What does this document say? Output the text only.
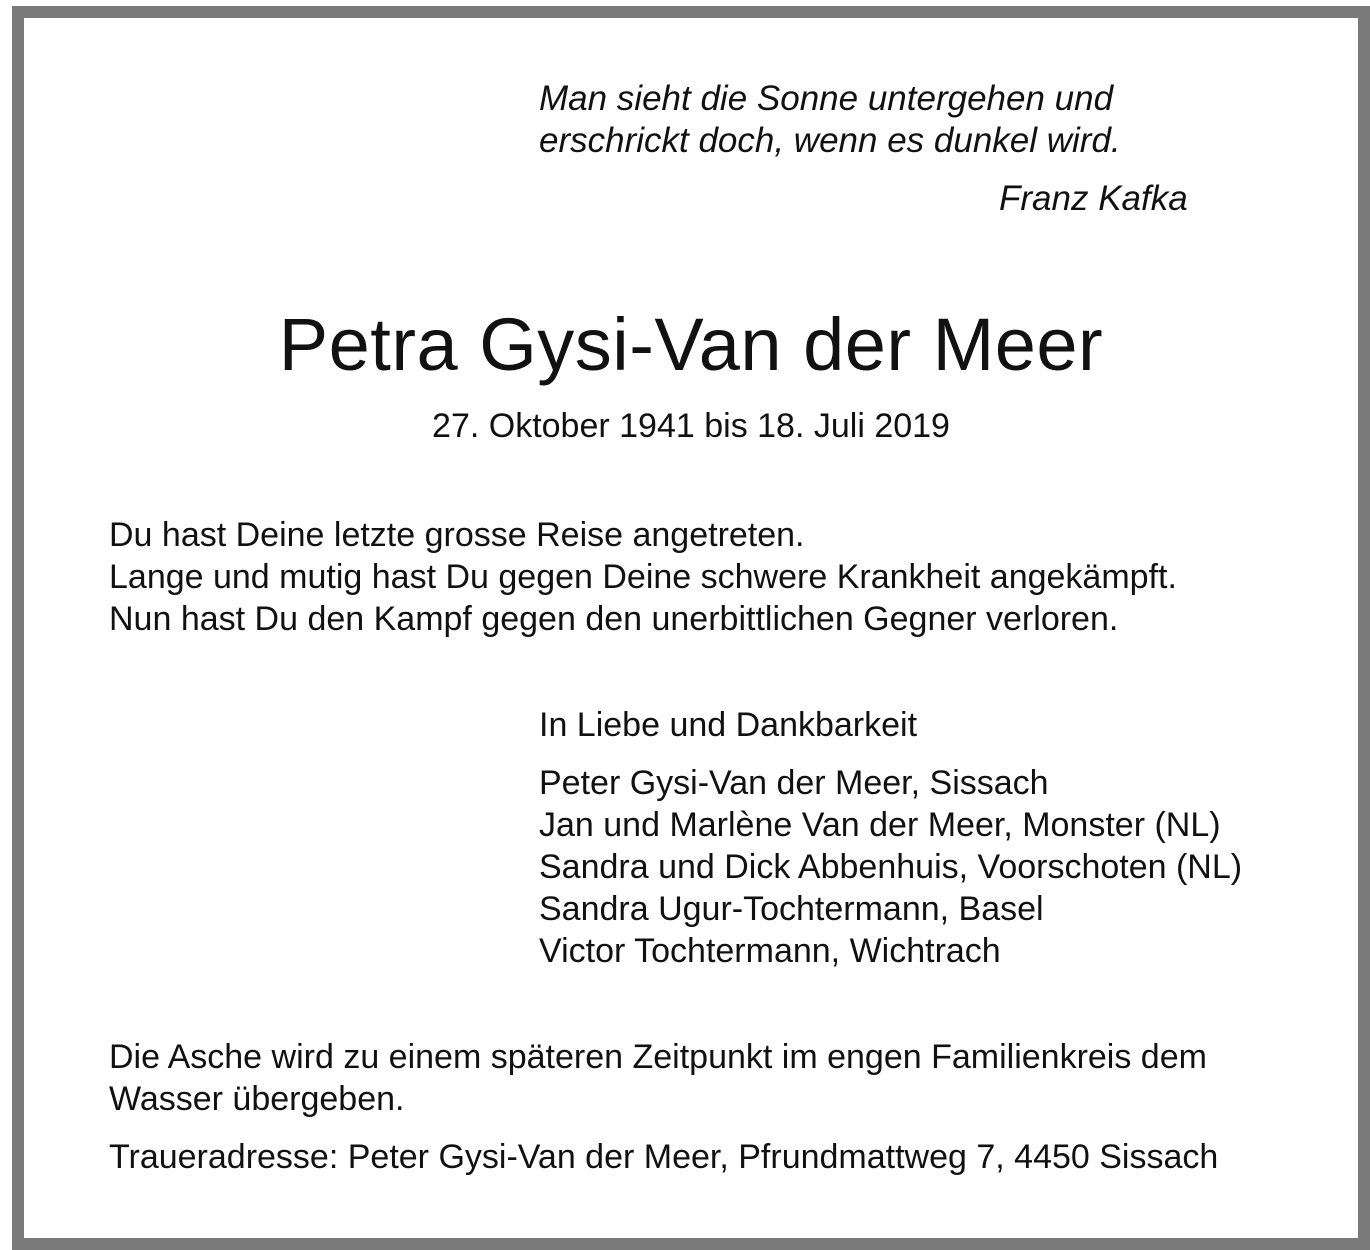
Man sieht die Sonne untergehen und
erschrickt doch, wenn es dunkel wird.
Franz Kafka
Petra Gysi-Van der Meer
27. Oktober 1941 bis 18. Juli 2019
Du hast Deine letzte grosse Reise angetreten.
Lange und mutig hast Du gegen Deine schwere Krankheit angekämpft.
Nun hast Du den Kampf gegen den unerbittlichen Gegner verloren.
In Liebe und Dankbarkeit
Peter Gysi-Van der Meer, Sissach
Jan und Marlène Van der Meer, Monster (NL)
Sandra und Dick Abbenhuis, Voorschoten (NL)
Sandra Ugur-Tochtermann, Basel
Victor Tochtermann, Wichtrach
Die Asche wird zu einem späteren Zeitpunkt im engen Familienkreis dem
Wasser übergeben.
Traueradresse: Peter Gysi-Van der Meer, Pfrundmattweg 7, 4450 Sissach
